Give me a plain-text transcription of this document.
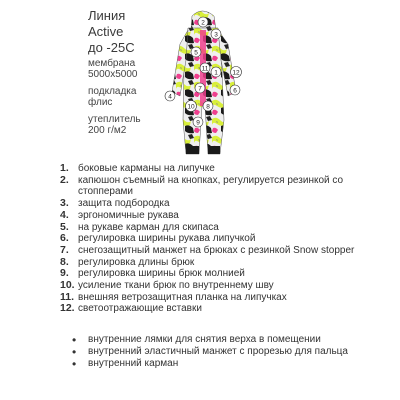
Линия
Active
до -25С
мембрана
5000x5000
подкладка
флис
утеплитель
200 г/м2
2
3
5
11
1 12
4
6
7
10 8
9
1. боковые карманы на липучке
2. капюшон съемный на кнопках, регулируется резинкой со стопперами
3. защита подбородка
4. эргономичные рукава
5. на рукаве карман для скипаса
6. регулировка ширины рукава липучкой
7. снегозащитный манжет на брюках с резинкой Snow stopper
8. регулировка длины брюк
9. регулировка ширины брюк молнией
10. усиление ткани брюк по внутреннему шву
11. внешняя ветрозащитная планка на липучках
12. светоотражающие вставки
•	внутренние лямки для снятия верха в помещении
•	внутренний эластичный манжет с прорезью для пальца
•	внутренний карман
